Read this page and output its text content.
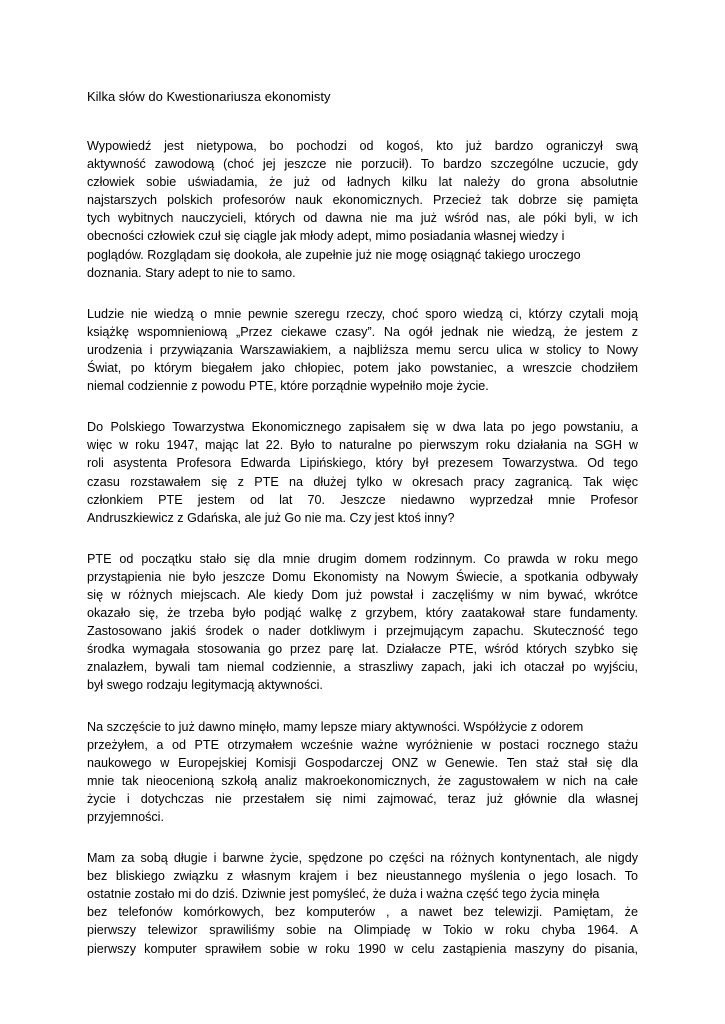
Kilka słów do Kwestionariusza ekonomisty
Wypowiedź jest nietypowa, bo pochodzi od kogoś, kto już bardzo ograniczył swą
aktywność zawodową (choć jej jeszcze nie porzucił). To bardzo szczególne uczucie, gdy
człowiek sobie uświadamia, że już od ładnych kilku lat należy do grona absolutnie
najstarszych polskich profesorów nauk ekonomicznych. Przecież tak dobrze się pamięta
tych wybitnych nauczycieli, których od dawna nie ma już wśród nas, ale póki byli, w ich
obecności człowiek czuł się ciągle jak młody adept, mimo posiadania własnej wiedzy i
poglądów. Rozglądam się dookoła, ale zupełnie już nie mogę osiągnąć takiego uroczego
doznania. Stary adept to nie to samo.
Ludzie nie wiedzą o mnie pewnie szeregu rzeczy, choć sporo wiedzą ci, którzy czytali moją
książkę wspomnieniową „Przez ciekawe czasy”. Na ogół jednak nie wiedzą, że jestem z
urodzenia i przywiązania Warszawiakiem, a najbliższa memu sercu ulica w stolicy to Nowy
Świat, po którym biegałem jako chłopiec, potem jako powstaniec, a wreszcie chodziłem
niemal codziennie z powodu PTE, które porządnie wypełniło moje życie.
Do Polskiego Towarzystwa Ekonomicznego zapisałem się w dwa lata po jego powstaniu, a
więc w roku 1947, mając lat 22. Było to naturalne po pierwszym roku działania na SGH w
roli asystenta Profesora Edwarda Lipińskiego, który był prezesem Towarzystwa. Od tego
czasu rozstawałem się z PTE na dłużej tylko w okresach pracy zagranicą. Tak więc
członkiem PTE jestem od lat 70. Jeszcze niedawno wyprzedzał mnie Profesor
Andruszkiewicz z Gdańska, ale już Go nie ma. Czy jest ktoś inny?
PTE od początku stało się dla mnie drugim domem rodzinnym. Co prawda w roku mego
przystąpienia nie było jeszcze Domu Ekonomisty na Nowym Świecie, a spotkania odbywały
się w różnych miejscach. Ale kiedy Dom już powstał i zaczęliśmy w nim bywać, wkrótce
okazało się, że trzeba było podjąć walkę z grzybem, który zaatakował stare fundamenty.
Zastosowano jakiś środek o nader dotkliwym i przejmującym zapachu. Skuteczność tego
środka wymagała stosowania go przez parę lat. Działacze PTE, wśród których szybko się
znalazłem, bywali tam niemal codziennie, a straszliwy zapach, jaki ich otaczał po wyjściu,
był swego rodzaju legitymacją aktywności.
Na szczęście to już dawno minęło, mamy lepsze miary aktywności. Współżycie z odorem
przeżyłem, a od PTE otrzymałem wcześnie ważne wyróżnienie w postaci rocznego stażu
naukowego w Europejskiej Komisji Gospodarczej ONZ w Genewie. Ten staż stał się dla
mnie tak nieocenioną szkołą analiz makroekonomicznych, że zagustowałem w nich na całe
życie i dotychczas nie przestałem się nimi zajmować, teraz już głównie dla własnej
przyjemności.
Mam za sobą długie i barwne życie, spędzone po części na różnych kontynentach, ale nigdy
bez bliskiego związku z własnym krajem i bez nieustannego myślenia o jego losach. To
ostatnie zostało mi do dziś. Dziwnie jest pomyśleć, że duża i ważna część tego życia minęła
bez telefonów komórkowych, bez komputerów , a nawet bez telewizji. Pamiętam, że
pierwszy telewizor sprawiliśmy sobie na Olimpiadę w Tokio w roku chyba 1964. A
pierwszy komputer sprawiłem sobie w roku 1990 w celu zastąpienia maszyny do pisania,
